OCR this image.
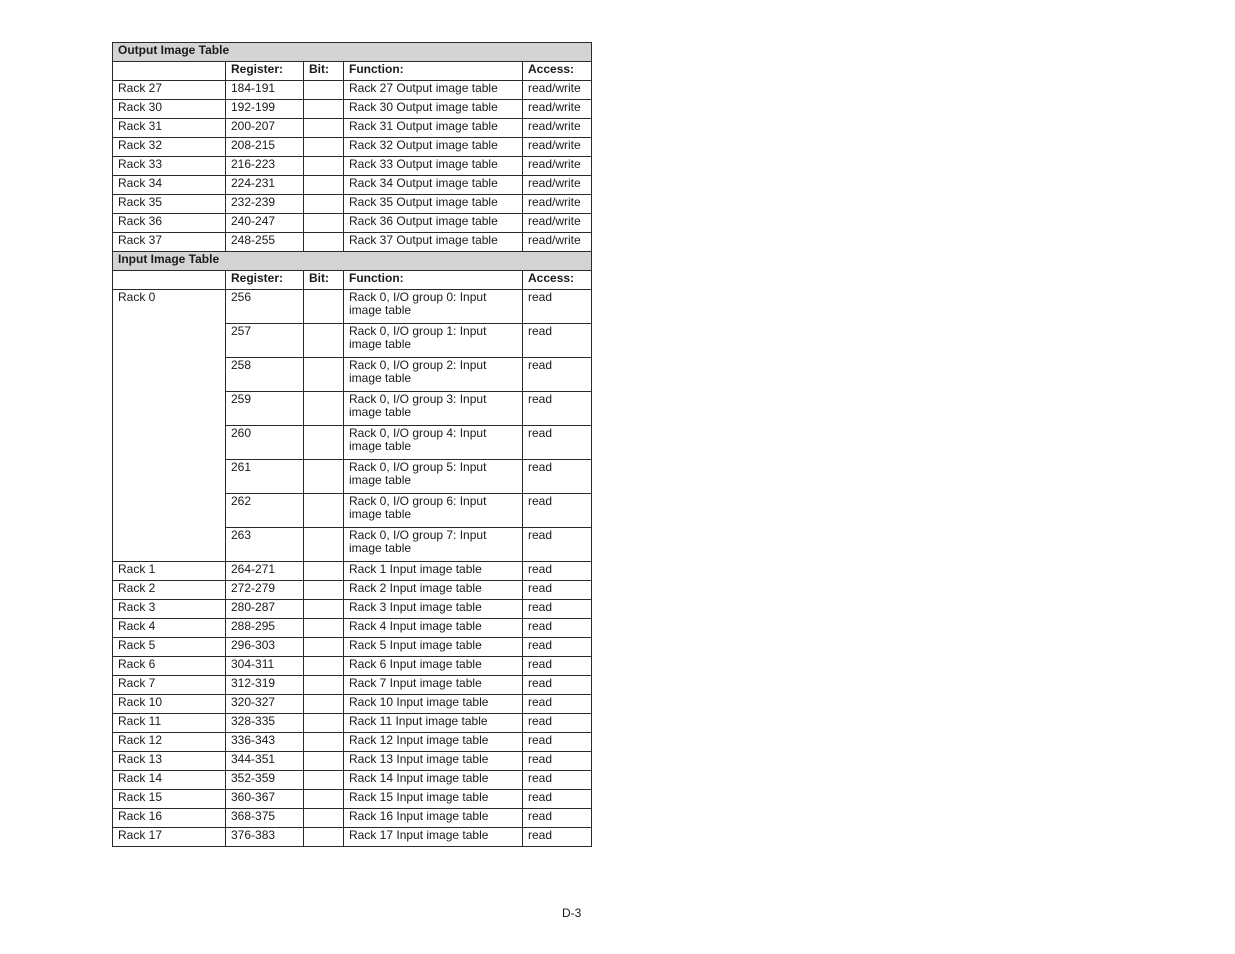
Output Image Table				
	Register:	Bit:	Function:	Access:
Rack 27	184-191		Rack 27 Output image table	read/write
Rack 30	192-199		Rack 30 Output image table	read/write
Rack 31	200-207		Rack 31 Output image table	read/write
Rack 32	208-215		Rack 32 Output image table	read/write
Rack 33	216-223		Rack 33 Output image table	read/write
Rack 34	224-231		Rack 34 Output image table	read/write
Rack 35	232-239		Rack 35 Output image table	read/write
Rack 36	240-247		Rack 36 Output image table	read/write
Rack 37	248-255		Rack 37 Output image table	read/write
Input Image Table				
	Register:	Bit:	Function:	Access:
Rack 0	256		Rack 0, I/O group 0: Input image table	read
	257		Rack 0, I/O group 1: Input image table	read
	258		Rack 0, I/O group 2: Input image table	read
	259		Rack 0, I/O group 3: Input image table	read
	260		Rack 0, I/O group 4: Input image table	read
	261		Rack 0, I/O group 5: Input image table	read
	262		Rack 0, I/O group 6: Input image table	read
	263		Rack 0, I/O group 7: Input image table	read
Rack 1	264-271		Rack 1 Input image table	read
Rack 2	272-279		Rack 2 Input image table	read
Rack 3	280-287		Rack 3 Input image table	read
Rack 4	288-295		Rack 4 Input image table	read
Rack 5	296-303		Rack 5 Input image table	read
Rack 6	304-311		Rack 6 Input image table	read
Rack 7	312-319		Rack 7 Input image table	read
Rack 10	320-327		Rack 10 Input image table	read
Rack 11	328-335		Rack 11 Input image table	read
Rack 12	336-343		Rack 12 Input image table	read
Rack 13	344-351		Rack 13 Input image table	read
Rack 14	352-359		Rack 14 Input image table	read
Rack 15	360-367		Rack 15 Input image table	read
Rack 16	368-375		Rack 16 Input image table	read
Rack 17	376-383		Rack 17 Input image table	read
D-3
